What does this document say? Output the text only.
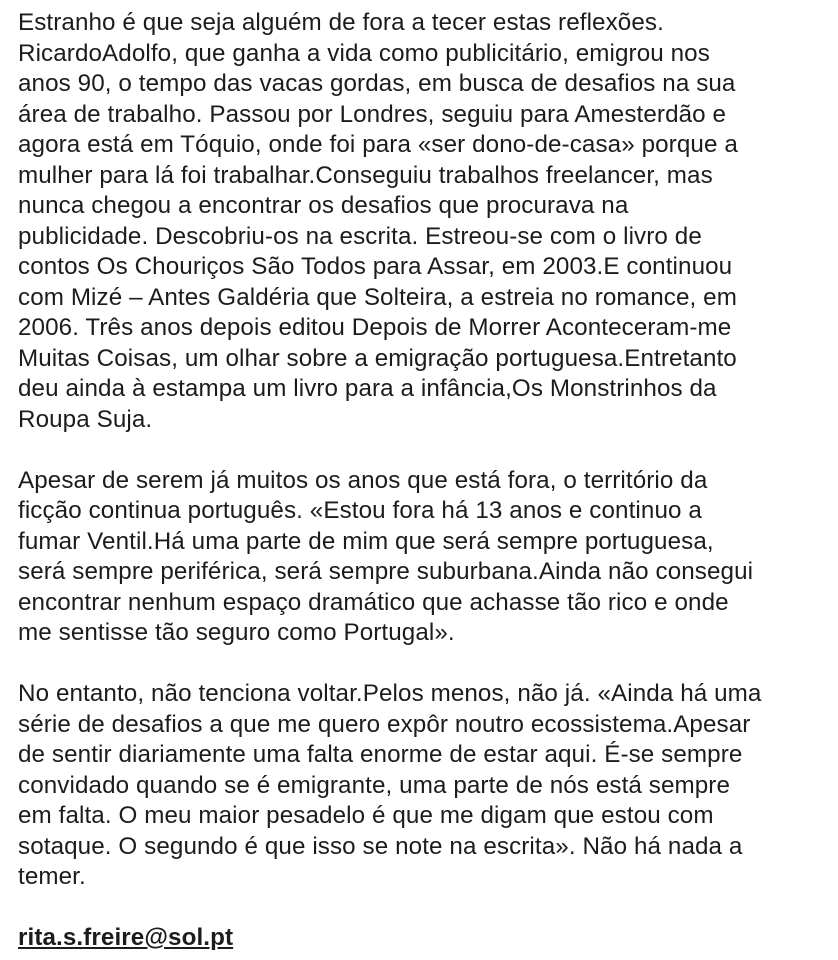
Estranho é que seja alguém de fora a tecer estas reflexões.
RicardoAdolfo, que ganha a vida como publicitário, emigrou nos
anos 90, o tempo das vacas gordas, em busca de desafios na sua
área de trabalho. Passou por Londres, seguiu para Amesterdão e
agora está em Tóquio, onde foi para «ser dono-de-casa» porque a
mulher para lá foi trabalhar.Conseguiu trabalhos freelancer, mas
nunca chegou a encontrar os desafios que procurava na
publicidade. Descobriu-os na escrita. Estreou-se com o livro de
contos Os Chouriços São Todos para Assar, em 2003.E continuou
com Mizé – Antes Galdéria que Solteira, a estreia no romance, em
2006. Três anos depois editou Depois de Morrer Aconteceram-me
Muitas Coisas, um olhar sobre a emigração portuguesa.Entretanto
deu ainda à estampa um livro para a infância,Os Monstrinhos da
Roupa Suja.
Apesar de serem já muitos os anos que está fora, o território da
ficção continua português. «Estou fora há 13 anos e continuo a
fumar Ventil.Há uma parte de mim que será sempre portuguesa,
será sempre periférica, será sempre suburbana.Ainda não consegui
encontrar nenhum espaço dramático que achasse tão rico e onde
me sentisse tão seguro como Portugal».
No entanto, não tenciona voltar.Pelos menos, não já. «Ainda há uma
série de desafios a que me quero expôr noutro ecossistema.Apesar
de sentir diariamente uma falta enorme de estar aqui. É-se sempre
convidado quando se é emigrante, uma parte de nós está sempre
em falta. O meu maior pesadelo é que me digam que estou com
sotaque. O segundo é que isso se note na escrita». Não há nada a
temer.
rita.s.freire@sol.pt
